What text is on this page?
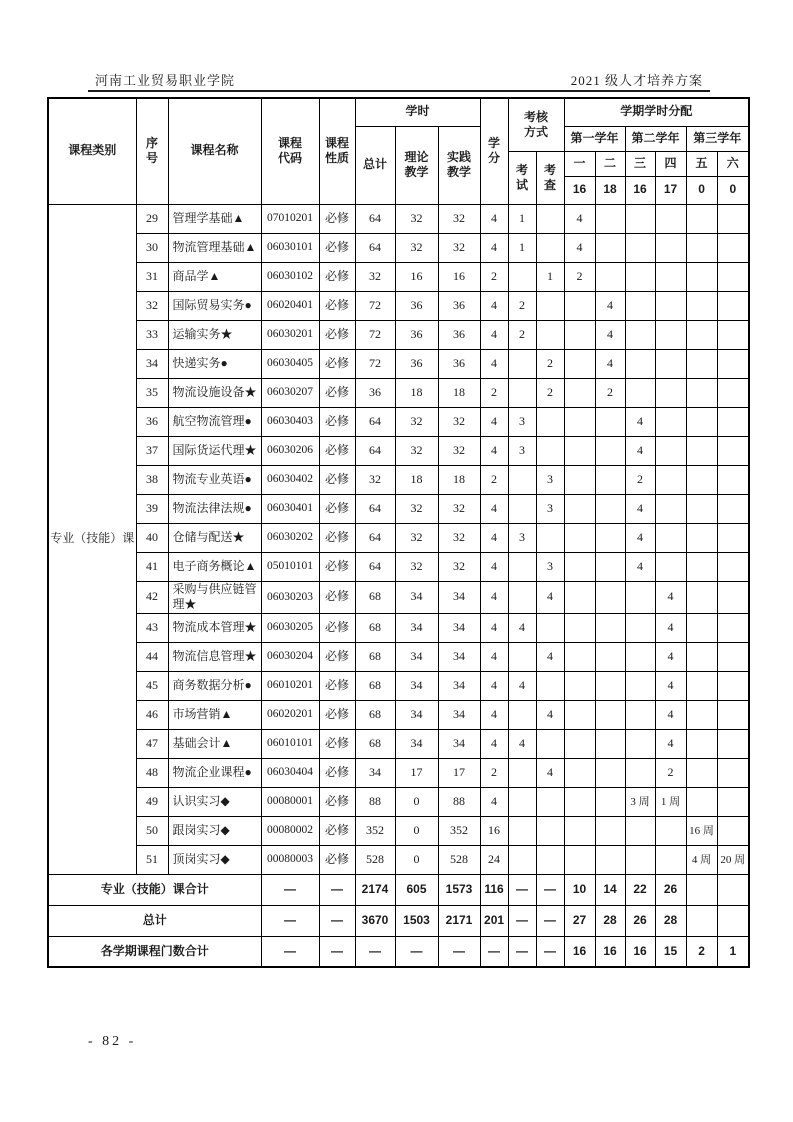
河南工业贸易职业学院	2021 级人才培养方案
课程类别	序号	课程名称	课程代码	课程性质	学时			学分	考核方式		学期学时分配					
					总计	理论教学	实践教学				第一学年		第二学年		第三学年	

									考试	考查	一	二	三	四	五	六
											16	18	16	17	0	0
专业（技能）课	29	管理学基础▲	07010201	必修	64	32	32	4	1		4					
	30	物流管理基础▲	06030101	必修	64	32	32	4	1		4					
	31	商品学▲	06030102	必修	32	16	16	2		1	2					
	32	国际贸易实务●	06020401	必修	72	36	36	4	2			4				
	33	运输实务★	06030201	必修	72	36	36	4	2			4				
	34	快递实务●	06030405	必修	72	36	36	4		2		4				
	35	物流设施设备★	06030207	必修	36	18	18	2		2		2				
	36	航空物流管理●	06030403	必修	64	32	32	4	3				4			
	37	国际货运代理★	06030206	必修	64	32	32	4	3				4			
	38	物流专业英语●	06030402	必修	32	18	18	2		3			2			
	39	物流法律法规●	06030401	必修	64	32	32	4		3			4			
	40	仓储与配送★	06030202	必修	64	32	32	4	3				4			
	41	电子商务概论▲	05010101	必修	64	32	32	4		3			4			
	42	采购与供应链管理★	06030203	必修	68	34	34	4		4				4		
	43	物流成本管理★	06030205	必修	68	34	34	4	4					4		
	44	物流信息管理★	06030204	必修	68	34	34	4		4				4		
	45	商务数据分析●	06010201	必修	68	34	34	4	4					4		
	46	市场营销▲	06020201	必修	68	34	34	4		4				4		
	47	基础会计▲	06010101	必修	68	34	34	4	4					4		
	48	物流企业课程●	06030404	必修	34	17	17	2		4				2		
	49	认识实习◆	00080001	必修	88	0	88	4					3 周	1 周		
	50	跟岗实习◆	00080002	必修	352	0	352	16							16 周	
	51	顶岗实习◆	00080003	必修	528	0	528	24							4 周	20 周
专业（技能）课合计			—	—	2174	605	1573	116	—	—	10	14	22	26		
总计			—	—	3670	1503	2171	201	—	—	27	28	26	28		
各学期课程门数合计			—	—	—	—	—	—	—	—	16	16	16	15	2	1
- 82 -
